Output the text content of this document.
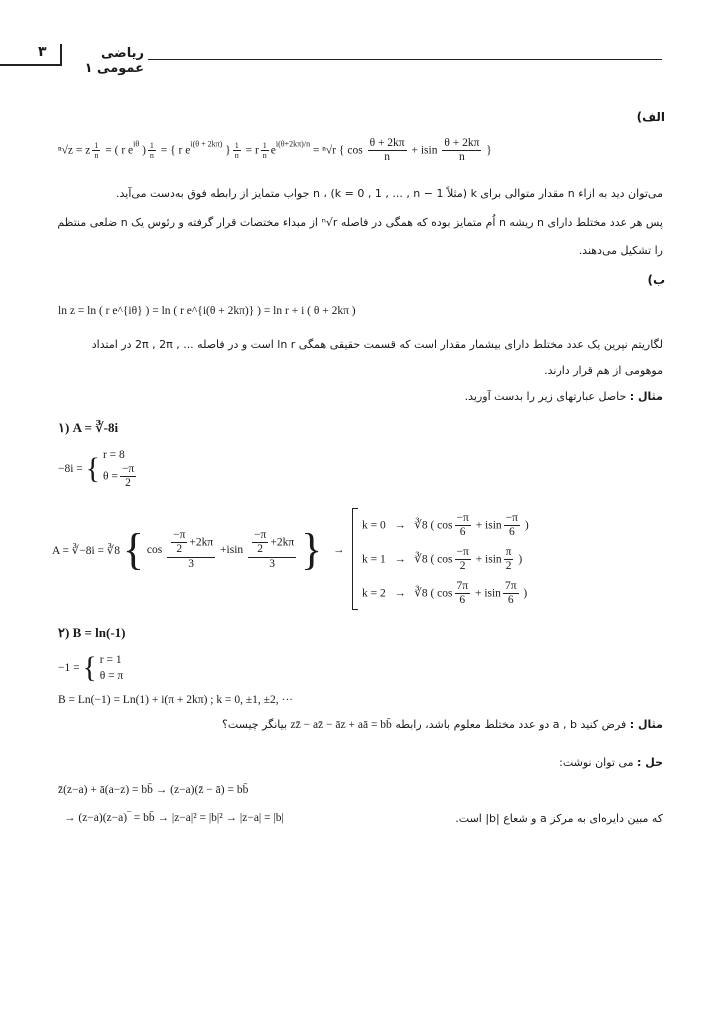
۳	ریاضی عمومی ۱
الف)
ⁿ√z = z $\frac{1}{n}$ = ( r $e^{i\theta}$ ) $\frac{1}{n}$ = { r $e^{i(\theta + 2k\pi)}$ } $\frac{1}{n} = r \frac{1}{n} e^{i(\theta+2k\pi)/n} = ^n√r$ { $\cos \frac{\theta + 2k\pi}{n} + isin \frac{\theta + 2k\pi}{n}$ }
می‌توان دید به ازاء n مقدار متوالی برای k (مثلاً n ، (k = 0 , 1 , ... , n − 1 جواب متمایز از رابطه فوق به‌دست می‌آید.
پس هر عدد مختلط دارای n ریشه n اُم متمایز بوده که همگی در فاصله ⁿ√r از مبداء مختصات قرار گرفته و رئوس یک n ضلعی منتظم
را تشکیل می‌دهند.
ب)
ln z = ln ( r e^{iθ} ) = ln ( r e^{i(θ + 2kπ)} ) = ln r + i ( θ + 2kπ )
لگاریتم نپرین یک عدد مختلط دارای بیشمار مقدار است که قسمت حقیقی همگی ln r است و در فاصله ... , 2π , 2π در امتداد
موهومی از هم قرار دارند.
مثال : حاصل عبارتهای زیر را بدست آورید.
١) A = ∛-8i
−8i = { r = 8
$\theta = \frac{-\pi}{2}$
A = ∛−8i = ∛8 { $\cos \frac{\frac{-\pi}{2} +2k\pi}{3} +isin \frac{\frac{-\pi}{2} +2k\pi}{3}$ } →
k = 0 → ∛8 ( $\cos \frac{-\pi}{6} + isin \frac{-\pi}{6}$ )
k = 1 → ∛8 ( $\cos \frac{-\pi}{2} + isin \frac{\pi}{2}$ )
k = 2 → ∛8 ( $\cos \frac{7\pi}{6} + isin \frac{7\pi}{6}$ )
٢) B = ln(-1)
−1 = { r = 1
θ = π
B = Ln(−1) = Ln(1) + i(π + 2kπ) ; k = 0, ±1, ±2, ···
مثال : فرض کنید a , b دو عدد مختلط معلوم باشد، رابطه zz̄ − az̄ − āz + aā = bb̄ بیانگر چیست؟
حل : می توان نوشت:
z̄(z−a) + ā(a−z) = bb̄ → (z−a)(z̄ − ā) = bb̄
→ (z−a)(z−a)‾ = bb̄ → |z−a|² = |b|² → |z−a| = |b|	که مبین دایره‌ای به مرکز a و شعاع |b| است.
